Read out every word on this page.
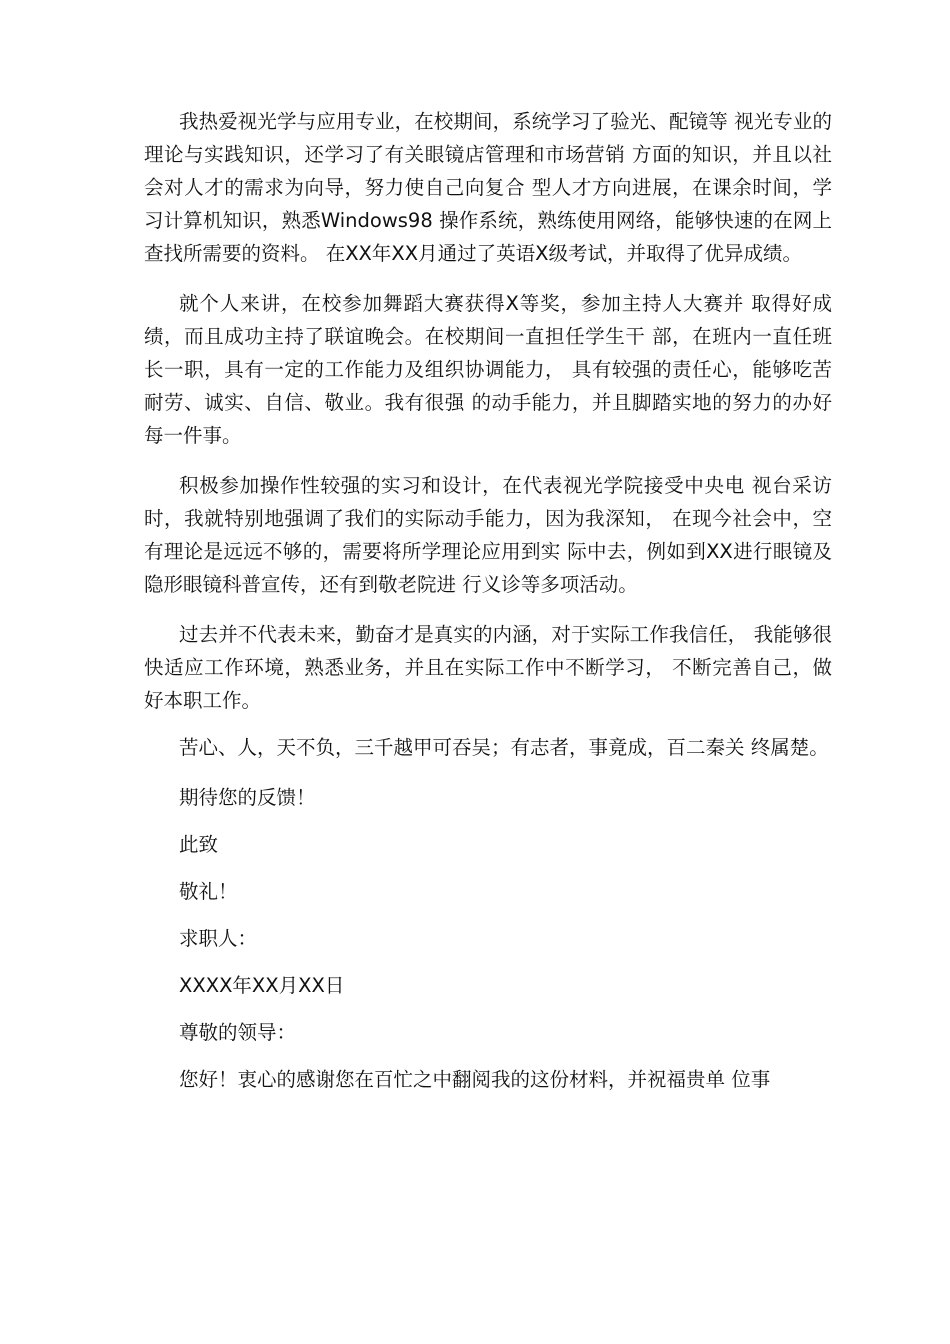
我热爱视光学与应用专业，在校期间，系统学习了验光、配镜等 视光专业的理论与实践知识，还学习了有关眼镜店管理和市场营销 方面的知识，并且以社会对人才的需求为向导，努力使自己向复合 型人才方向进展，在课余时间，学习计算机知识，熟悉Windows98 操作系统，熟练使用网络，能够快速的在网上查找所需要的资料。 在XX年XX月通过了英语X级考试，并取得了优异成绩。

就个人来讲，在校参加舞蹈大赛获得X等奖，参加主持人大赛并 取得好成绩，而且成功主持了联谊晚会。在校期间一直担任学生干 部，在班内一直任班长一职，具有一定的工作能力及组织协调能力， 具有较强的责任心，能够吃苦耐劳、诚实、自信、敬业。我有很强 的动手能力，并且脚踏实地的努力的办好每一件事。

积极参加操作性较强的实习和设计，在代表视光学院接受中央电 视台采访时，我就特别地强调了我们的实际动手能力，因为我深知， 在现今社会中，空有理论是远远不够的，需要将所学理论应用到实 际中去，例如到XX进行眼镜及隐形眼镜科普宣传，还有到敬老院进 行义诊等多项活动。

过去并不代表未来，勤奋才是真实的内涵，对于实际工作我信任， 我能够很快适应工作环境，熟悉业务，并且在实际工作中不断学习， 不断完善自己，做好本职工作。

苦心、人，天不负，三千越甲可吞吴；有志者，事竟成，百二秦关 终属楚。

期待您的反馈！

此致

敬礼！

求职人：

XXXX年XX月XX日

尊敬的领导：

您好！衷心的感谢您在百忙之中翻阅我的这份材料，并祝福贵单 位事
